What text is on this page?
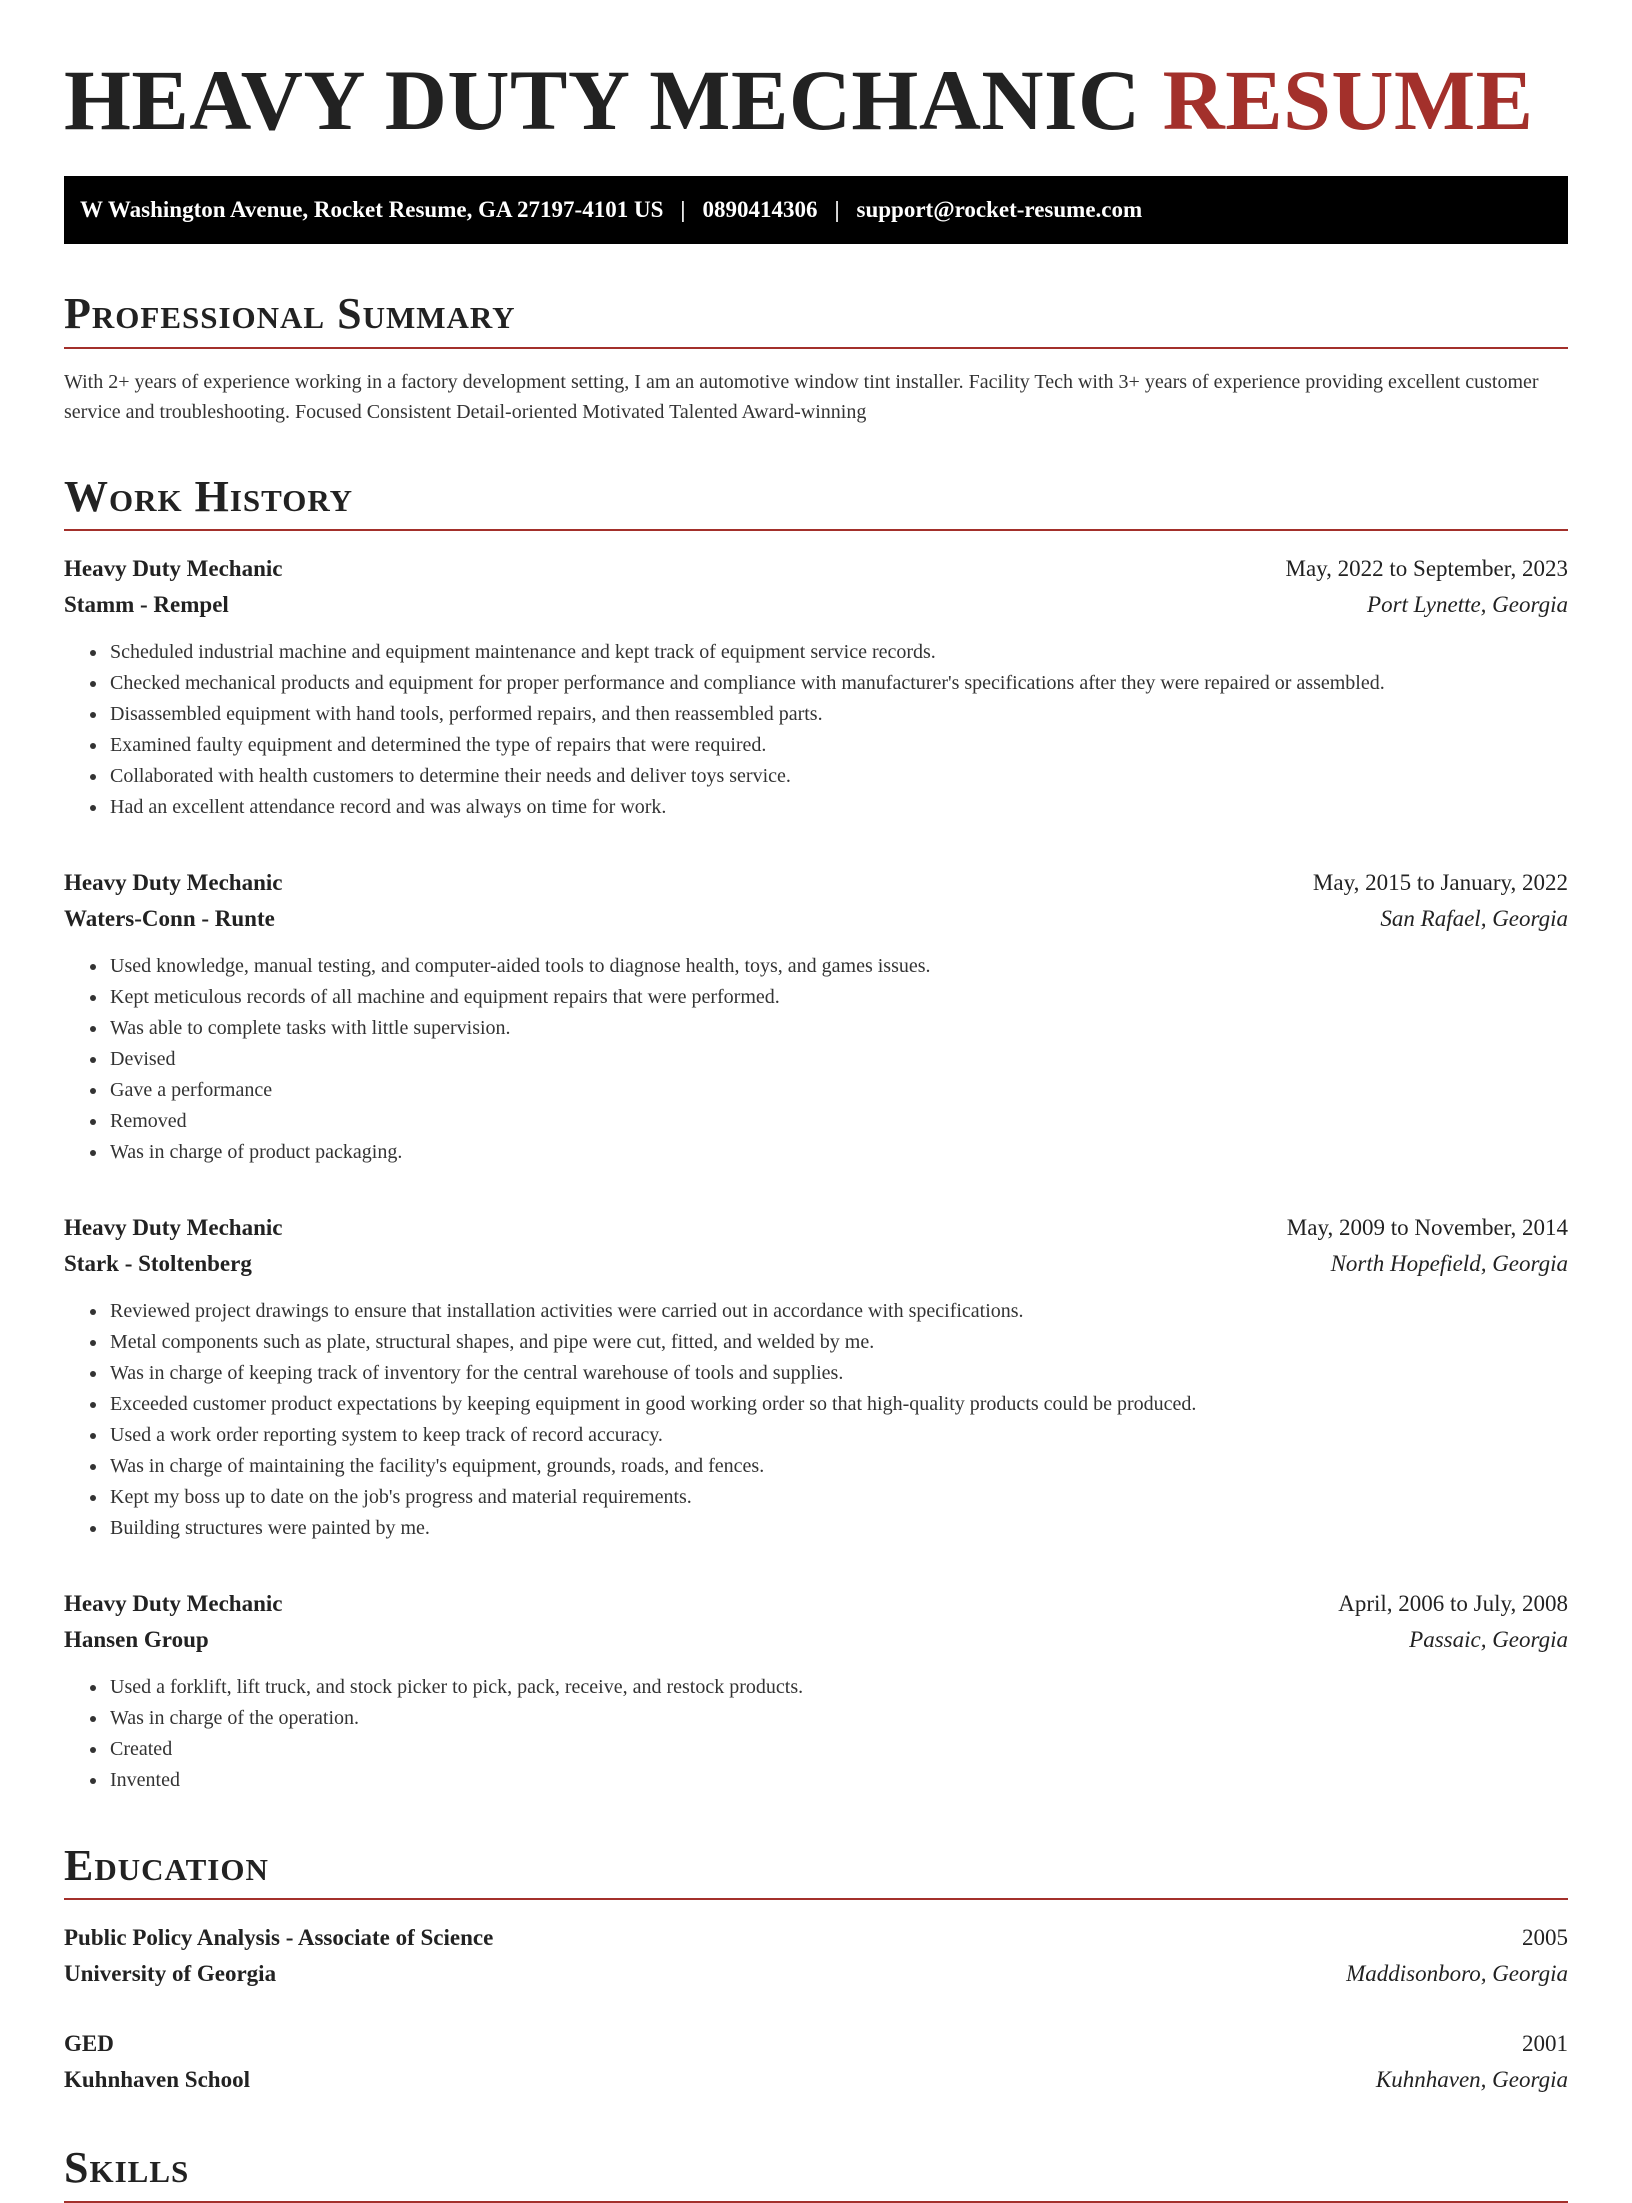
HEAVY DUTY MECHANIC RESUME
W Washington Avenue, Rocket Resume, GA 27197-4101 US | 0890414306 | support@rocket-resume.com
Professional Summary

With 2+ years of experience working in a factory development setting, I am an automotive window tint installer. Facility Tech with 3+ years of experience providing excellent customer service and troubleshooting. Focused Consistent Detail-oriented Motivated Talented Award-winning

Work History
Heavy Duty Mechanic	May, 2022 to September, 2023
Stamm - Rempel	Port Lynette, Georgia
• Scheduled industrial machine and equipment maintenance and kept track of equipment service records.
• Checked mechanical products and equipment for proper performance and compliance with manufacturer's specifications after they were repaired or assembled.
• Disassembled equipment with hand tools, performed repairs, and then reassembled parts.
• Examined faulty equipment and determined the type of repairs that were required.
• Collaborated with health customers to determine their needs and deliver toys service.
• Had an excellent attendance record and was always on time for work.
Heavy Duty Mechanic	May, 2015 to January, 2022
Waters-Conn - Runte	San Rafael, Georgia
• Used knowledge, manual testing, and computer-aided tools to diagnose health, toys, and games issues.
• Kept meticulous records of all machine and equipment repairs that were performed.
• Was able to complete tasks with little supervision.
• Devised
• Gave a performance
• Removed
• Was in charge of product packaging.
Heavy Duty Mechanic	May, 2009 to November, 2014
Stark - Stoltenberg	North Hopefield, Georgia
• Reviewed project drawings to ensure that installation activities were carried out in accordance with specifications.
• Metal components such as plate, structural shapes, and pipe were cut, fitted, and welded by me.
• Was in charge of keeping track of inventory for the central warehouse of tools and supplies.
• Exceeded customer product expectations by keeping equipment in good working order so that high-quality products could be produced.
• Used a work order reporting system to keep track of record accuracy.
• Was in charge of maintaining the facility's equipment, grounds, roads, and fences.
• Kept my boss up to date on the job's progress and material requirements.
• Building structures were painted by me.
Heavy Duty Mechanic	April, 2006 to July, 2008
Hansen Group	Passaic, Georgia
• Used a forklift, lift truck, and stock picker to pick, pack, receive, and restock products.
• Was in charge of the operation.
• Created
• Invented
Education
Public Policy Analysis - Associate of Science	2005
University of Georgia	Maddisonboro, Georgia
GED	2001
Kuhnhaven School	Kuhnhaven, Georgia
Skills
